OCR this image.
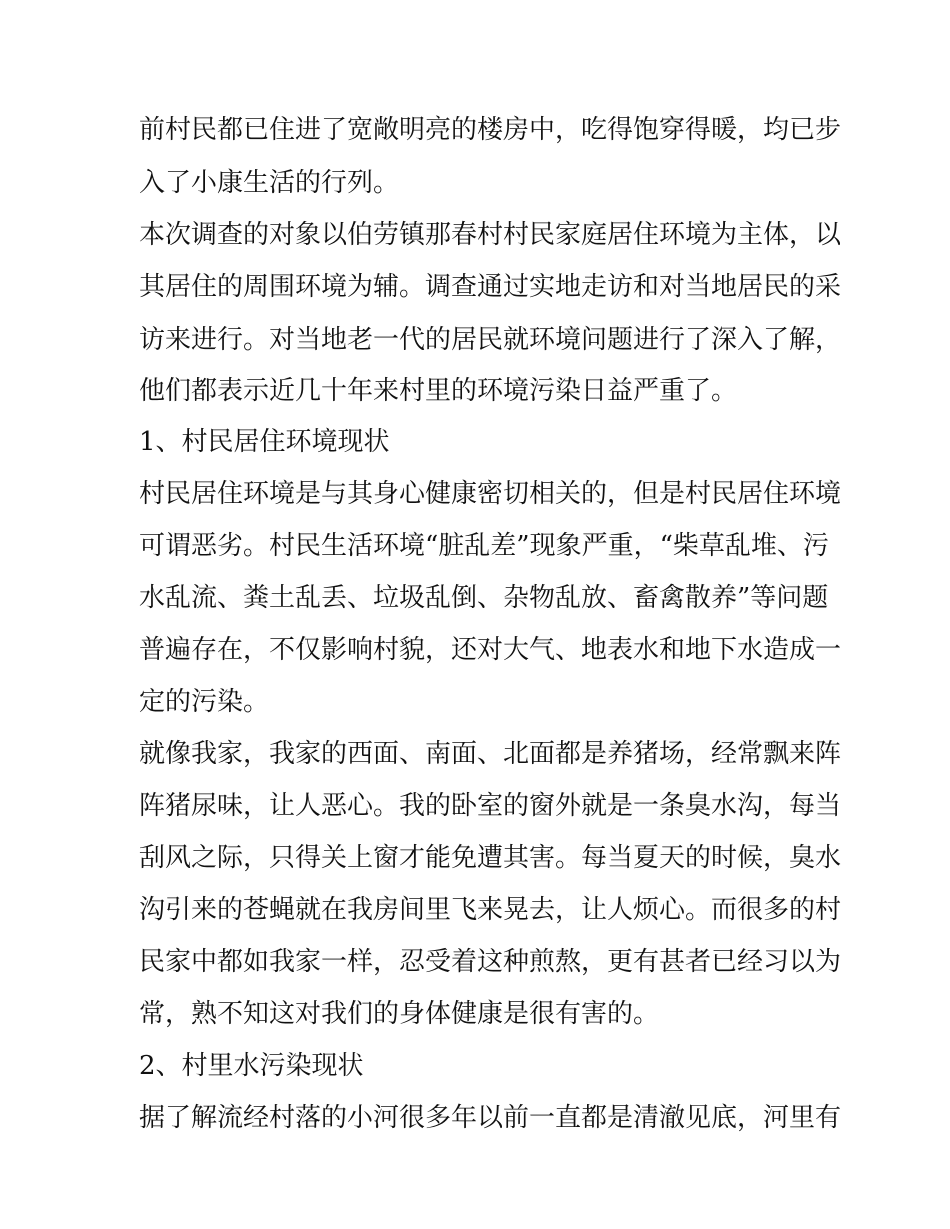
前村民都已住进了宽敞明亮的楼房中，吃得饱穿得暖，均已步

入了小康生活的行列。

本次调查的对象以伯劳镇那春村村民家庭居住环境为主体，以

其居住的周围环境为辅。调查通过实地走访和对当地居民的采

访来进行。对当地老一代的居民就环境问题进行了深入了解，

他们都表示近几十年来村里的环境污染日益严重了。

1、村民居住环境现状

村民居住环境是与其身心健康密切相关的，但是村民居住环境

可谓恶劣。村民生活环境“脏乱差”现象严重，“柴草乱堆、污

水乱流、粪土乱丢、垃圾乱倒、杂物乱放、畜禽散养”等问题

普遍存在，不仅影响村貌，还对大气、地表水和地下水造成一

定的污染。

就像我家，我家的西面、南面、北面都是养猪场，经常飘来阵

阵猪尿味，让人恶心。我的卧室的窗外就是一条臭水沟，每当

刮风之际，只得关上窗才能免遭其害。每当夏天的时候，臭水

沟引来的苍蝇就在我房间里飞来晃去，让人烦心。而很多的村

民家中都如我家一样，忍受着这种煎熬，更有甚者已经习以为

常，熟不知这对我们的身体健康是很有害的。

2、村里水污染现状

据了解流经村落的小河很多年以前一直都是清澈见底，河里有
